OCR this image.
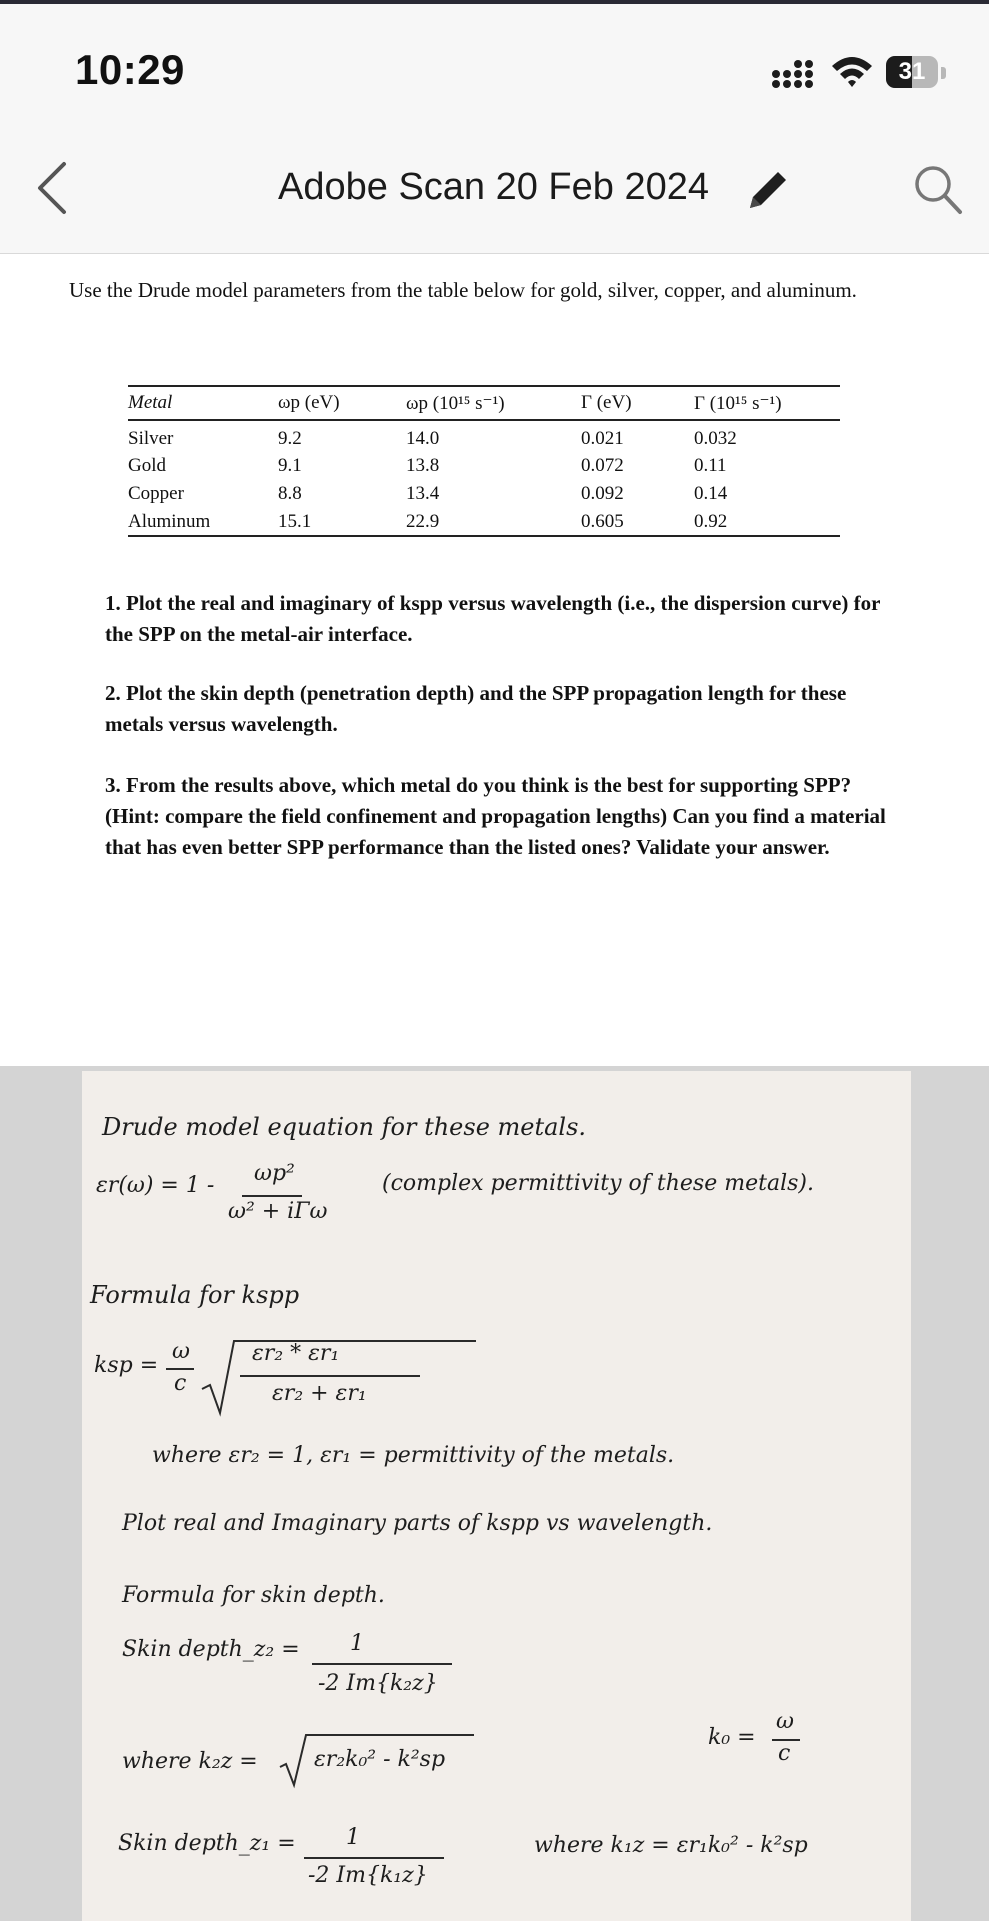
10:29	31
Adobe Scan 20 Feb 2024

Use the Drude model parameters from the table below for gold, silver, copper, and aluminum.

Metal	ωp (eV)	ωp (10¹⁵ s⁻¹)	Γ (eV)	Γ (10¹⁵ s⁻¹)
Silver	9.2	14.0	0.021	0.032
Gold	9.1	13.8	0.072	0.11
Copper	8.8	13.4	0.092	0.14
Aluminum	15.1	22.9	0.605	0.92

1. Plot the real and imaginary of kspp versus wavelength (i.e., the dispersion curve) for the SPP on the metal-air interface.

2. Plot the skin depth (penetration depth) and the SPP propagation length for these metals versus wavelength.

3. From the results above, which metal do you think is the best for supporting SPP? (Hint: compare the field confinement and propagation lengths) Can you find a material that has even better SPP performance than the listed ones? Validate your answer.

Drude model equation for these metals.
εr(ω) = 1 - ωp²
ω² + iΓω
(complex permittivity of these metals).
Formula for kspp
ksp =
ω
c
εr₂ * εr₁
εr₂ + εr₁
where εr₂ = 1, εr₁ = permittivity of the metals.
Plot real and Imaginary parts of kspp vs wavelength.
Formula for skin depth.
Skin depth_z₂ = 1
-2 Im{k₂z}
where k₂z =	εr₂k₀² - k²sp
k₀ =
ω
c
Skin depth_z₁ = 1
-2 Im{k₁z}
where k₁z = εr₁k₀² - k²sp
